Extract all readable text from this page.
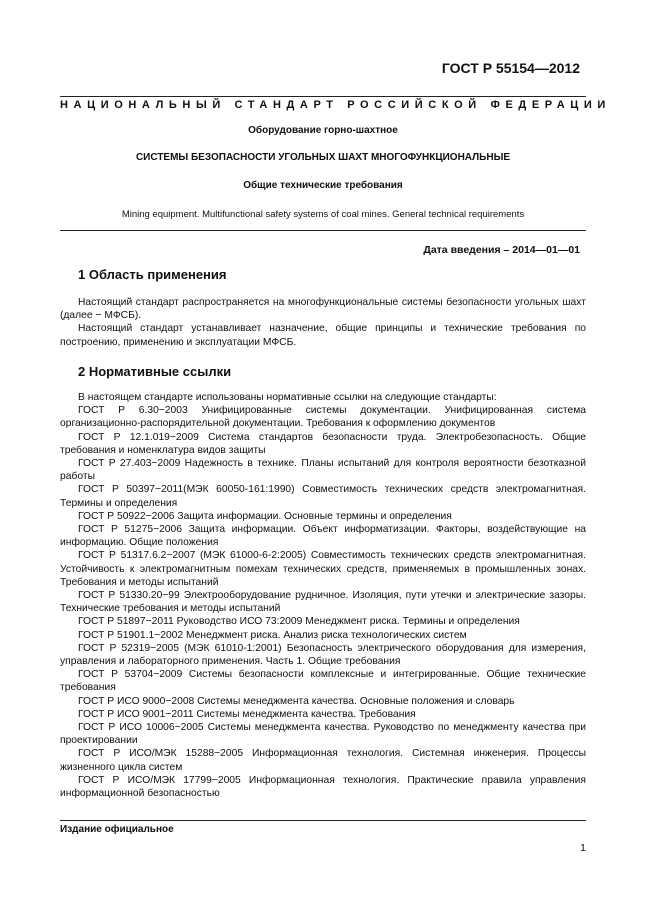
ГОСТ Р 55154—2012
НАЦИОНАЛЬНЫЙ СТАНДАРТ РОССИЙСКОЙ ФЕДЕРАЦИИ
Оборудование горно-шахтное
СИСТЕМЫ БЕЗОПАСНОСТИ УГОЛЬНЫХ ШАХТ МНОГОФУНКЦИОНАЛЬНЫЕ
Общие технические требования
Mining equipment. Multifunctional safety systems of coal mines. General technical requirements
Дата введения – 2014—01—01
1 Область применения

Настоящий стандарт распространяется на многофункциональные системы безопасности угольных шахт (далее − МФСБ).

Настоящий стандарт устанавливает назначение, общие принципы и технические требования по построению, применению и эксплуатации МФСБ.

2 Нормативные ссылки

В настоящем стандарте использованы нормативные ссылки на следующие стандарты:

ГОСТ Р 6.30−2003 Унифицированные системы документации. Унифицированная система организационно-распорядительной документации. Требования к оформлению документов

ГОСТ Р 12.1.019−2009 Система стандартов безопасности труда. Электробезопасность. Общие требования и номенклатура видов защиты

ГОСТ Р 27.403−2009 Надежность в технике. Планы испытаний для контроля вероятности безотказной работы

ГОСТ Р 50397−2011(МЭК 60050-161:1990) Совместимость технических средств электромагнитная. Термины и определения

ГОСТ Р 50922−2006 Защита информации. Основные термины и определения

ГОСТ Р 51275−2006 Защита информации. Объект информатизации. Факторы, воздействующие на информацию. Общие положения

ГОСТ Р 51317.6.2−2007 (МЭК 61000-6-2:2005) Совместимость технических средств электромагнитная. Устойчивость к электромагнитным помехам технических средств, применяемых в промышленных зонах. Требования и методы испытаний

ГОСТ Р 51330.20−99 Электрооборудование рудничное. Изоляция, пути утечки и электрические зазоры. Технические требования и методы испытаний

ГОСТ Р 51897−2011 Руководство ИСО 73:2009 Менеджмент риска. Термины и определения

ГОСТ Р 51901.1−2002 Менеджмент риска. Анализ риска технологических систем

ГОСТ Р 52319−2005 (МЭК 61010-1:2001) Безопасность электрического оборудования для измерения, управления и лабораторного применения. Часть 1. Общие требования

ГОСТ Р 53704−2009 Системы безопасности комплексные и интегрированные. Общие технические требования

ГОСТ Р ИСО 9000−2008 Системы менеджмента качества. Основные положения и словарь

ГОСТ Р ИСО 9001−2011 Системы менеджмента качества. Требования

ГОСТ Р ИСО 10006−2005 Системы менеджмента качества. Руководство по менеджменту качества при проектировании

ГОСТ Р ИСО/МЭК 15288−2005 Информационная технология. Системная инженерия. Процессы жизненного цикла систем

ГОСТ Р ИСО/МЭК 17799−2005 Информационная технология. Практические правила управления информационной безопасностью

Издание официальное
1
